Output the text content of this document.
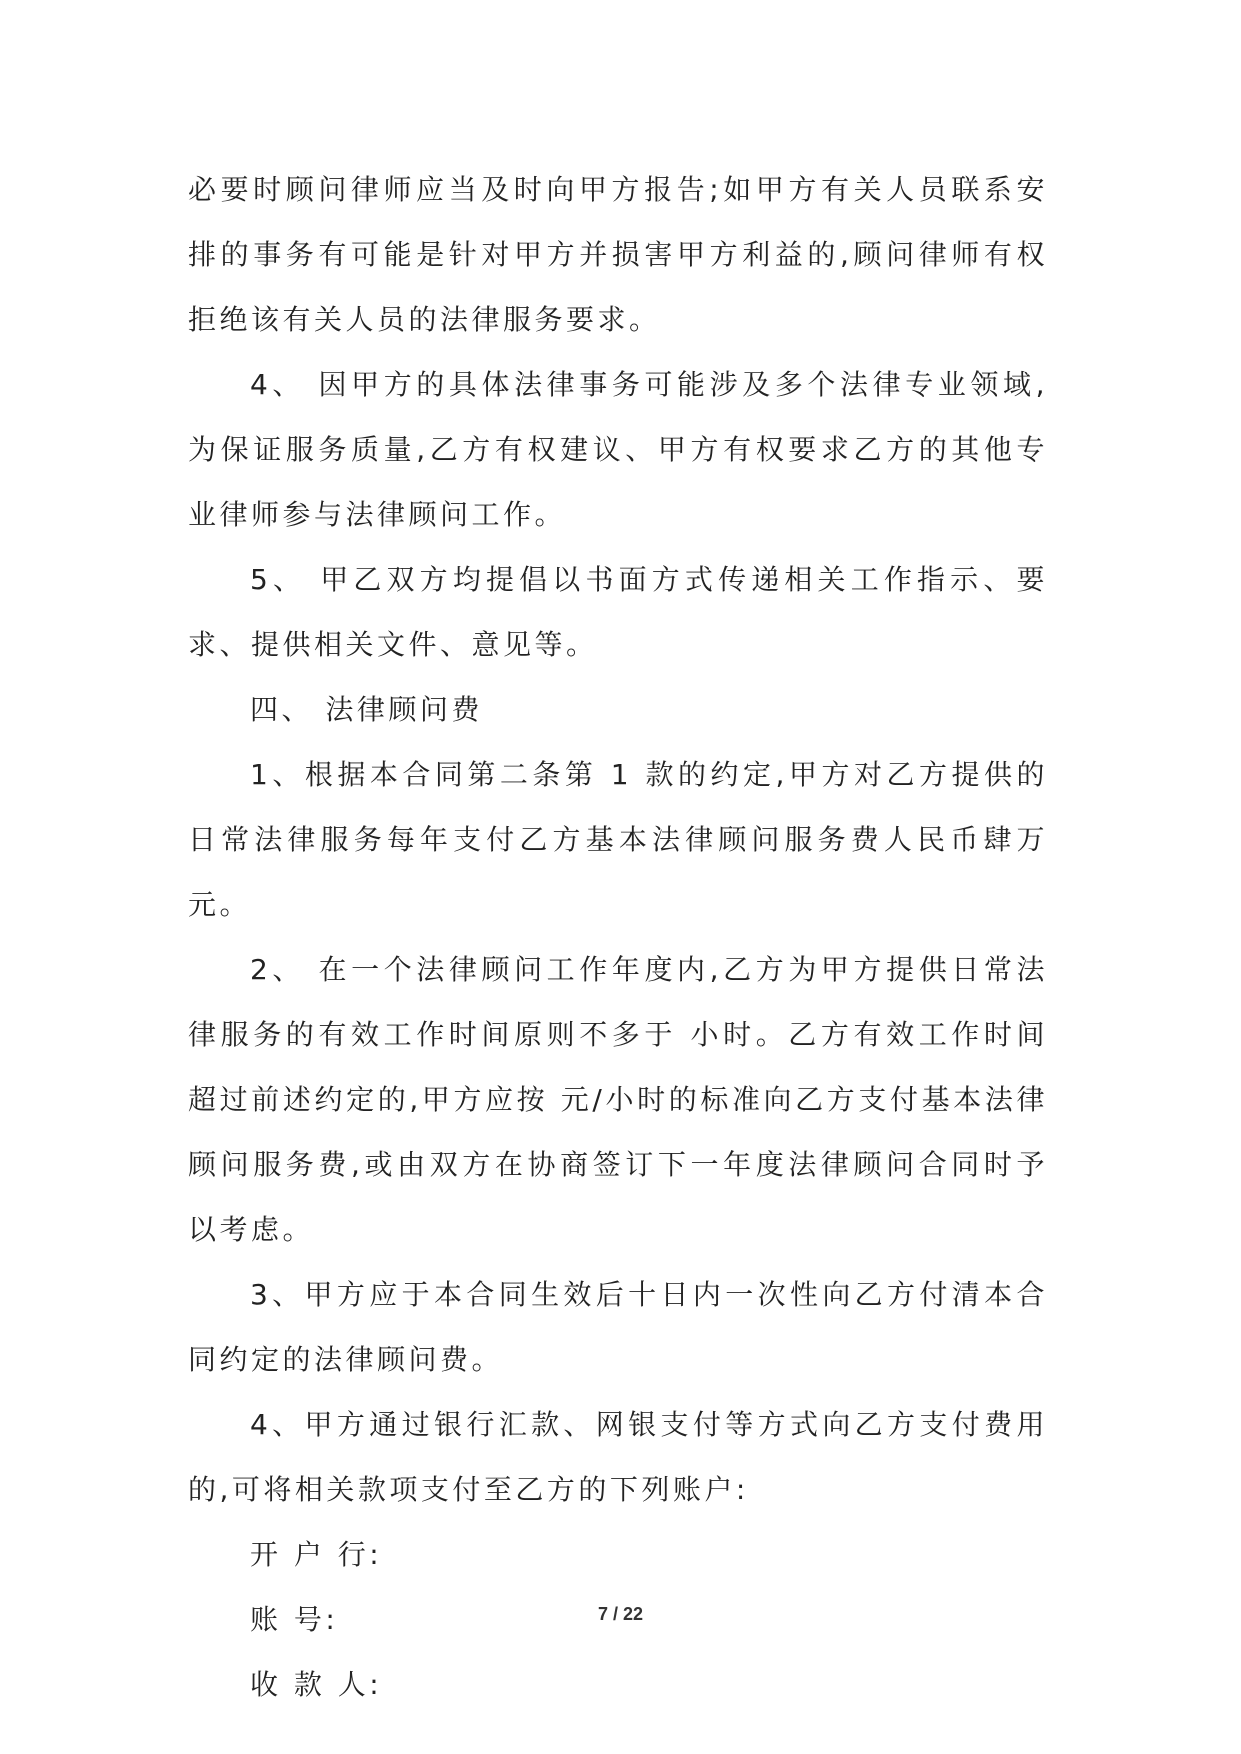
必要时顾问律师应当及时向甲方报告;如甲方有关人员联系安排的事务有可能是针对甲方并损害甲方利益的,顾问律师有权拒绝该有关人员的法律服务要求。

4、 因甲方的具体法律事务可能涉及多个法律专业领域,为保证服务质量,乙方有权建议、甲方有权要求乙方的其他专业律师参与法律顾问工作。

5、 甲乙双方均提倡以书面方式传递相关工作指示、要求、提供相关文件、意见等。

四、 法律顾问费

1、根据本合同第二条第 1 款的约定,甲方对乙方提供的日常法律服务每年支付乙方基本法律顾问服务费人民币肆万元。

2、 在一个法律顾问工作年度内,乙方为甲方提供日常法律服务的有效工作时间原则不多于 小时。乙方有效工作时间超过前述约定的,甲方应按 元/小时的标准向乙方支付基本法律顾问服务费,或由双方在协商签订下一年度法律顾问合同时予以考虑。

3、甲方应于本合同生效后十日内一次性向乙方付清本合同约定的法律顾问费。

4、甲方通过银行汇款、网银支付等方式向乙方支付费用的,可将相关款项支付至乙方的下列账户:

开 户 行:

账 号:

收 款 人:

7 / 22
